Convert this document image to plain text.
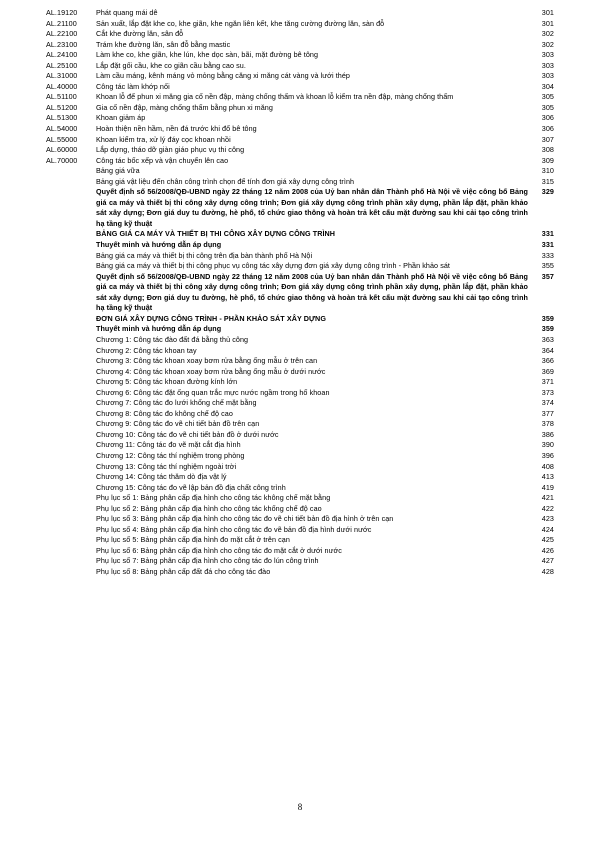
AL.19120	Phát quang mái dê	301
AL.21100	Sản xuất, lắp đặt khe co, khe giãn, khe ngăn liên kết, khe tăng cường đường lăn, sàn đỗ	301
AL.22100	Cắt khe đường lăn, sân đỗ	302
AL.23100	Trám khe đường lăn, sân đỗ bằng mastic	302
AL.24100	Làm khe co, khe giãn, khe lún, khe dọc sàn, bãi, mặt đường bê tông	303
AL.25100	Lắp đặt gối cầu, khe co giãn cầu bằng cao su.	303
AL.31000	Làm cầu máng, kênh máng vỏ mỏng bằng căng xi măng cát vàng và lưới thép	303
AL.40000	Công tác làm khớp nối	304
AL.51100	Khoan lỗ để phun xi măng gia cố nền đập, màng chống thấm và khoan lỗ kiểm tra nền đập, màng chống thấm	305
AL.51200	Gia cố nền đập, màng chống thấm bằng phun xi măng	305
AL.51300	Khoan giảm áp	306
AL.54000	Hoàn thiện nền hầm, nền đá trước khi đổ bê tông	306
AL.55000	Khoan kiểm tra, xử lý đáy cọc khoan nhồi	307
AL.60000	Lắp dựng, tháo dỡ giàn giáo phục vụ thi công	308
AL.70000	Công tác bốc xếp và vận chuyển lên cao	309
	Bảng giá vữa	310
	Bảng giá vật liệu đến chân công trình chọn để tính đơn giá xây dựng công trình	315
	Quyết định số 56/2008/QĐ-UBND ngày 22 tháng 12 năm 2008 của Uỷ ban nhân dân Thành phố Hà Nội về việc công bố Bảng giá ca máy và thiết bị thi công xây dựng công trình; Đơn giá xây dựng công trình phần xây dựng, phần lắp đặt, phần khảo sát xây dựng; Đơn giá duy tu đường, hè phố, tổ chức giao thông và hoàn trả kết cấu mặt đường sau khi cải tạo công trình hạ tầng kỹ thuật	329
	BẢNG GIÁ CA MÁY VÀ THIẾT BỊ THI CÔNG XÂY DỰNG CÔNG TRÌNH	331
	Thuyết minh và hướng dẫn áp dụng	331
	Bảng giá ca máy và thiết bị thi công trên địa bàn thành phố Hà Nội	333
	Bảng giá ca máy và thiết bị thi công phục vụ công tác xây dựng đơn giá xây dựng công trình - Phần khảo sát	355
	Quyết định số 56/2008/QĐ-UBND ngày 22 tháng 12 năm 2008 của Uỷ ban nhân dân Thành phố Hà Nội về việc công bố Bảng giá ca máy và thiết bị thi công xây dựng công trình; Đơn giá xây dựng công trình phần xây dựng, phần lắp đặt, phần khảo sát xây dựng; Đơn giá duy tu đường, hè phố, tổ chức giao thông và hoàn trả kết cấu mặt đường sau khi cải tạo công trình hạ tầng kỹ thuật	357
	ĐƠN GIÁ XÂY DỰNG CÔNG TRÌNH - PHẦN KHẢO SÁT XÂY DỰNG	359
	Thuyết minh và hướng dẫn áp dụng	359
	Chương 1: Công tác đào đất đá bằng thủ công	363
	Chương 2: Công tác khoan tay	364
	Chương 3: Công tác khoan xoay bơm rửa bằng ống mẫu ở trên can	366
	Chương 4: Công tác khoan xoay bơm rửa bằng ống mẫu ở dưới nước	369
	Chương 5: Công tác khoan đường kính lớn	371
	Chương 6: Công tác đặt ống quan trắc mực nước ngầm trong hố khoan	373
	Chương 7: Công tác đo lưới khống chế mặt bằng	374
	Chương 8: Công tác đo không chế độ cao	377
	Chương 9: Công tác đo vẽ chi tiết bản đồ trên cạn	378
	Chương 10: Công tác đo vẽ chi tiết bản đồ ở dưới nước	386
	Chương 11: Công tác đo vẽ mặt cắt địa hình	390
	Chương 12: Công tác thí nghiệm trong phòng	396
	Chương 13: Công tác thí nghiệm ngoài trời	408
	Chương 14: Công tác thăm dò địa vật lý	413
	Chương 15: Công tác đo vẽ lập bản đồ địa chất công trình	419
	Phụ lục số 1: Bảng phân cấp địa hình cho công tác không chế mặt bằng	421
	Phụ lục số 2: Bảng phân cấp địa hình cho công tác khống chế độ cao	422
	Phụ lục số 3: Bảng phân cấp địa hình cho công tác đo vẽ chi tiết bản đồ địa hình ở trên cạn	423
	Phụ lục số 4: Bảng phân cấp địa hình cho công tác đo vẽ bản đồ địa hình dưới nước	424
	Phụ lục số 5: Bảng phân cấp địa hình đo mặt cắt ở trên cạn	425
	Phụ lục số 6: Bảng phân cấp địa hình cho công tác đo mặt cắt ở dưới nước	426
	Phụ lục số 7: Bảng phân cấp địa hình cho công tác đo lún công trình	427
	Phụ lục số 8: Bảng phân cấp đất đá cho công tác đào	428
8
